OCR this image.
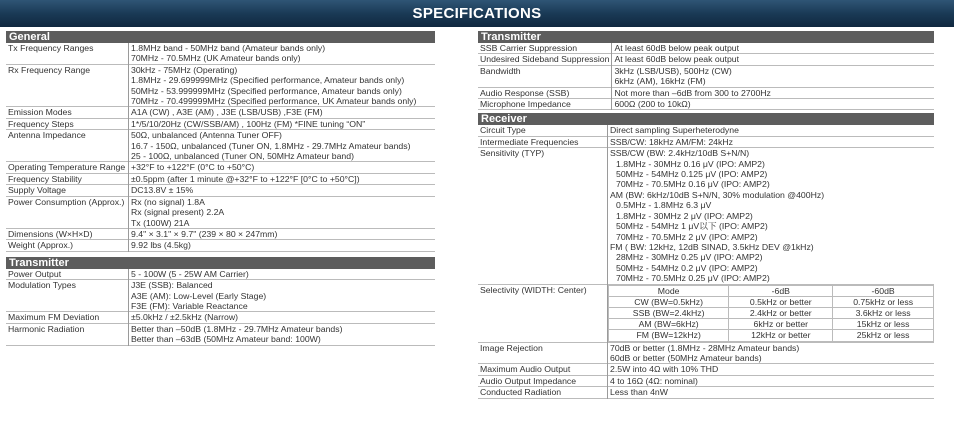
SPECIFICATIONS
General
Tx Frequency Ranges	1.8MHz band - 50MHz band (Amateur bands only)
70MHz - 70.5MHz (UK Amateur bands only)

Rx Frequency Range	30kHz - 75MHz (Operating)
1.8MHz - 29.699999MHz (Specified performance, Amateur bands only)
50MHz - 53.999999MHz (Specified performance, Amateur bands only)
70MHz - 70.499999MHz (Specified performance, UK Amateur bands only)

Emission Modes	A1A (CW) , A3E (AM) , J3E (LSB/USB) ,F3E (FM)

Frequency Steps	1*/5/10/20Hz (CW/SSB/AM) , 100Hz (FM) *FINE tuning “ON”

Antenna Impedance	50Ω, unbalanced (Antenna Tuner OFF)
16.7 - 150Ω, unbalanced (Tuner ON, 1.8MHz - 29.7MHz Amateur bands)
25 - 100Ω, unbalanced (Tuner ON, 50MHz Amateur band)

Operating Temperature Range	+32°F to +122°F (0°C to +50°C)

Frequency Stability	±0.5ppm (after 1 minute @+32°F to +122°F [0°C to +50°C])

Supply Voltage	DC13.8V ± 15%

Power Consumption (Approx.)	Rx (no signal) 1.8A
Rx (signal present) 2.2A
Tx (100W) 21A

Dimensions (W×H×D)	9.4" × 3.1" × 9.7" (239 × 80 × 247mm)

Weight (Approx.)	9.92 lbs (4.5kg)
Transmitter
Power Output	5 - 100W (5 - 25W AM Carrier)

Modulation Types	J3E (SSB): Balanced
A3E (AM): Low-Level (Early Stage)
F3E (FM): Variable Reactance

Maximum FM Deviation	±5.0kHz / ±2.5kHz (Narrow)

Harmonic Radiation	Better than –50dB (1.8MHz - 29.7MHz Amateur bands)
Better than –63dB (50MHz Amateur band: 100W)
Transmitter
SSB Carrier Suppression	At least 60dB below peak output

Undesired Sideband Suppression	At least 60dB below peak output

Bandwidth	3kHz (LSB/USB), 500Hz (CW)
6kHz (AM), 16kHz (FM)

Audio Response (SSB)	Not more than –6dB from 300 to 2700Hz

Microphone Impedance	600Ω (200 to 10kΩ)
Receiver
Circuit Type	Direct sampling Superheterodyne

Intermediate Frequencies	SSB/CW: 18kHz AM/FM: 24kHz

Sensitivity (TYP)	SSB/CW (BW: 2.4kHz/10dB S+N/N)
1.8MHz - 30MHz 0.16 μV (IPO: AMP2)
50MHz - 54MHz 0.125 μV (IPO: AMP2)
70MHz - 70.5MHz 0.16 μV (IPO: AMP2)
AM (BW: 6kHz/10dB S+N/N, 30% modulation @400Hz)
0.5MHz - 1.8MHz 6.3 μV
1.8MHz - 30MHz 2 μV (IPO: AMP2)
50MHz - 54MHz 1 μV以下 (IPO: AMP2)
70MHz - 70.5MHz 2 μV (IPO: AMP2)
FM ( BW: 12kHz, 12dB SINAD, 3.5kHz DEV @1kHz)
28MHz - 30MHz 0.25 μV (IPO: AMP2)
50MHz - 54MHz 0.2 μV (IPO: AMP2)
70MHz - 70.5MHz 0.25 μV (IPO: AMP2)

Selectivity (WIDTH: Center)		Mode	-6dB	-60dB
CW (BW=0.5kHz)	0.5kHz or better	0.75kHz or less
SSB (BW=2.4kHz)	2.4kHz or better	3.6kHz or less
AM (BW=6kHz)	6kHz or better	15kHz or less
FM (BW=12kHz)	12kHz or better	25kHz or less

Image Rejection	70dB or better (1.8MHz - 28MHz Amateur bands)
60dB or better (50MHz Amateur bands)

Maximum Audio Output	2.5W into 4Ω with 10% THD

Audio Output Impedance	4 to 16Ω (4Ω: nominal)

Conducted Radiation	Less than 4nW
